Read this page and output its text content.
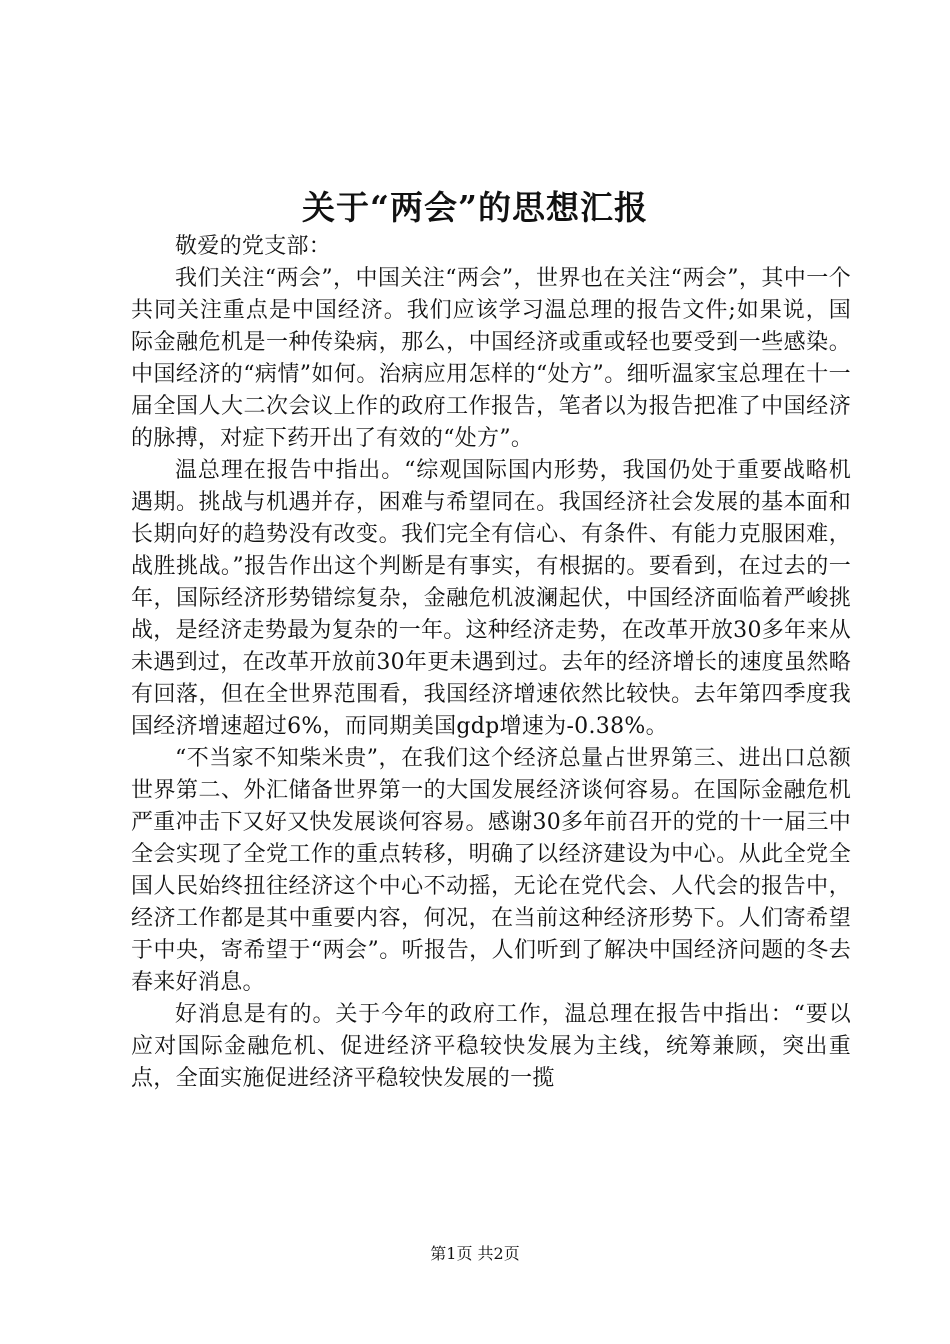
关于“两会”的思想汇报

敬爱的党支部：

我们关注“两会”，中国关注“两会”，世界也在关注“两会”，其中一个共同关注重点是中国经济。我们应该学习温总理的报告文件;如果说，国际金融危机是一种传染病，那么，中国经济或重或轻也要受到一些感染。中国经济的“病情”如何。治病应用怎样的“处方”。细听温家宝总理在十一届全国人大二次会议上作的政府工作报告，笔者以为报告把准了中国经济的脉搏，对症下药开出了有效的“处方”。

温总理在报告中指出。“综观国际国内形势，我国仍处于重要战略机遇期。挑战与机遇并存，困难与希望同在。我国经济社会发展的基本面和长期向好的趋势没有改变。我们完全有信心、有条件、有能力克服困难，战胜挑战。”报告作出这个判断是有事实，有根据的。要看到，在过去的一年，国际经济形势错综复杂，金融危机波澜起伏，中国经济面临着严峻挑战，是经济走势最为复杂的一年。这种经济走势，在改革开放30多年来从未遇到过，在改革开放前30年更未遇到过。去年的经济增长的速度虽然略有回落，但在全世界范围看，我国经济增速依然比较快。去年第四季度我国经济增速超过6%，而同期美国gdp增速为-0.38%。

“不当家不知柴米贵”，在我们这个经济总量占世界第三、进出口总额世界第二、外汇储备世界第一的大国发展经济谈何容易。在国际金融危机严重冲击下又好又快发展谈何容易。感谢30多年前召开的党的十一届三中全会实现了全党工作的重点转移，明确了以经济建设为中心。从此全党全国人民始终扭往经济这个中心不动摇，无论在党代会、人代会的报告中，经济工作都是其中重要内容，何况，在当前这种经济形势下。人们寄希望于中央，寄希望于“两会”。听报告，人们听到了解决中国经济问题的冬去春来好消息。

好消息是有的。关于今年的政府工作，温总理在报告中指出：“要以应对国际金融危机、促进经济平稳较快发展为主线，统筹兼顾，突出重点，全面实施促进经济平稳较快发展的一揽

第1页 共2页
